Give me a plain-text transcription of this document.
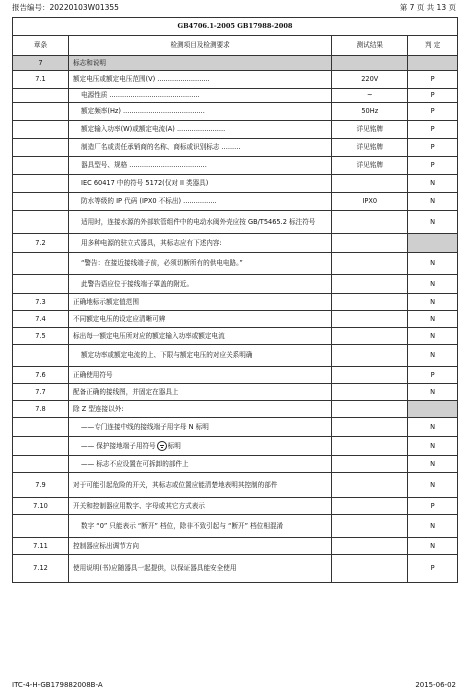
报告编号：20220103W01355	第 7 页 共 13 页
GB4706.1-2005 GB17988-2008			
章条	检测项目及检测要求	测试结果	判 定
7	标志和说明		
7.1	额定电压或额定电压范围(V) .........................	220V	P
	电源性质 ...........................................	~	P
	额定频率(Hz) .......................................	50Hz	P
	额定输入功率(W)或额定电流(A) .......................	详见铭牌	P
	制造厂名或责任承销商的名称、商标或识别标志 .........	详见铭牌	P
	器具型号、规格 .....................................	详见铭牌	P
	IEC 60417 中的符号 5172(仅对 II 类器具)		N
	防水等级的 IP 代码 (IPX0 不标出) ................	IPX0	N
	适用时，连接水源的外部软管组件中的电动水阀外壳应按 GB/T5465.2 标注符号		N
7.2	用多种电源的驻立式器具，其标志应有下述内容:		
	“警告：在接近接线端子前，必须切断所有的供电电路。”		N
	此警告语应位于接线端子罩盖的附近。		N
7.3	正确地标示额定值范围		N
7.4	不同额定电压的设定应清晰可辨		N
7.5	标出每一额定电压所对应的额定输入功率或额定电流		N
	额定功率或额定电流的上、下限与额定电压的对应关系明确		N
7.6	正确使用符号		P
7.7	配备正确的接线图，并固定在器具上		N
7.8	除 Z 型连接以外:		
	——专门连接中线的接线端子用字母 N 标明		N
	—— 保护接地端子用符号 标明		N
	—— 标志不应设置在可拆卸的部件上		N
7.9	对于可能引起危险的开关，其标志或位置应能清楚地表明其控制的部件		N
7.10	开关和控制器应用数字、字母或其它方式表示		P
	数字 “0” 只能表示 “断开” 档位，除非不致引起与 “断开” 档位相混淆		N
7.11	控制器应标出调节方向		N
7.12	使用说明(书)应随器具一起提供，以保证器具能安全使用		P
ITC-4-H-GB179882008B-A	2015-06-02
